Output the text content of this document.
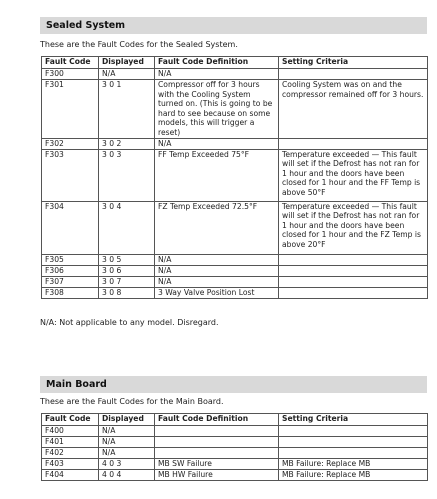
Sealed System
These are the Fault Codes for the Sealed System.
Fault Code	Displayed	Fault Code Definition	Setting Criteria
F300	N/A	N/A	
F301	3 0 1	Compressor off for 3 hours with the Cooling System turned on. (This is going to be hard to see because on some models, this will trigger a reset)	Cooling System was on and the compressor remained off for 3 hours.
F302	3 0 2	N/A	
F303	3 0 3	FF Temp Exceeded 75°F	Temperature exceeded — This fault will set if the Defrost has not ran for 1 hour and the doors have been closed for 1 hour and the FF Temp is above 50°F
F304	3 0 4	FZ Temp Exceeded 72.5°F	Temperature exceeded — This fault will set if the Defrost has not ran for 1 hour and the doors have been closed for 1 hour and the FZ Temp is above 20°F
F305	3 0 5	N/A	
F306	3 0 6	N/A	
F307	3 0 7	N/A	
F308	3 0 8	3 Way Valve Position Lost	
N/A: Not applicable to any model. Disregard.
Main Board
These are the Fault Codes for the Main Board.
Fault Code	Displayed	Fault Code Definition	Setting Criteria
F400	N/A		
F401	N/A		
F402	N/A		
F403	4 0 3	MB SW Failure	MB Failure: Replace MB
F404	4 0 4	MB HW Failure	MB Failure: Replace MB
